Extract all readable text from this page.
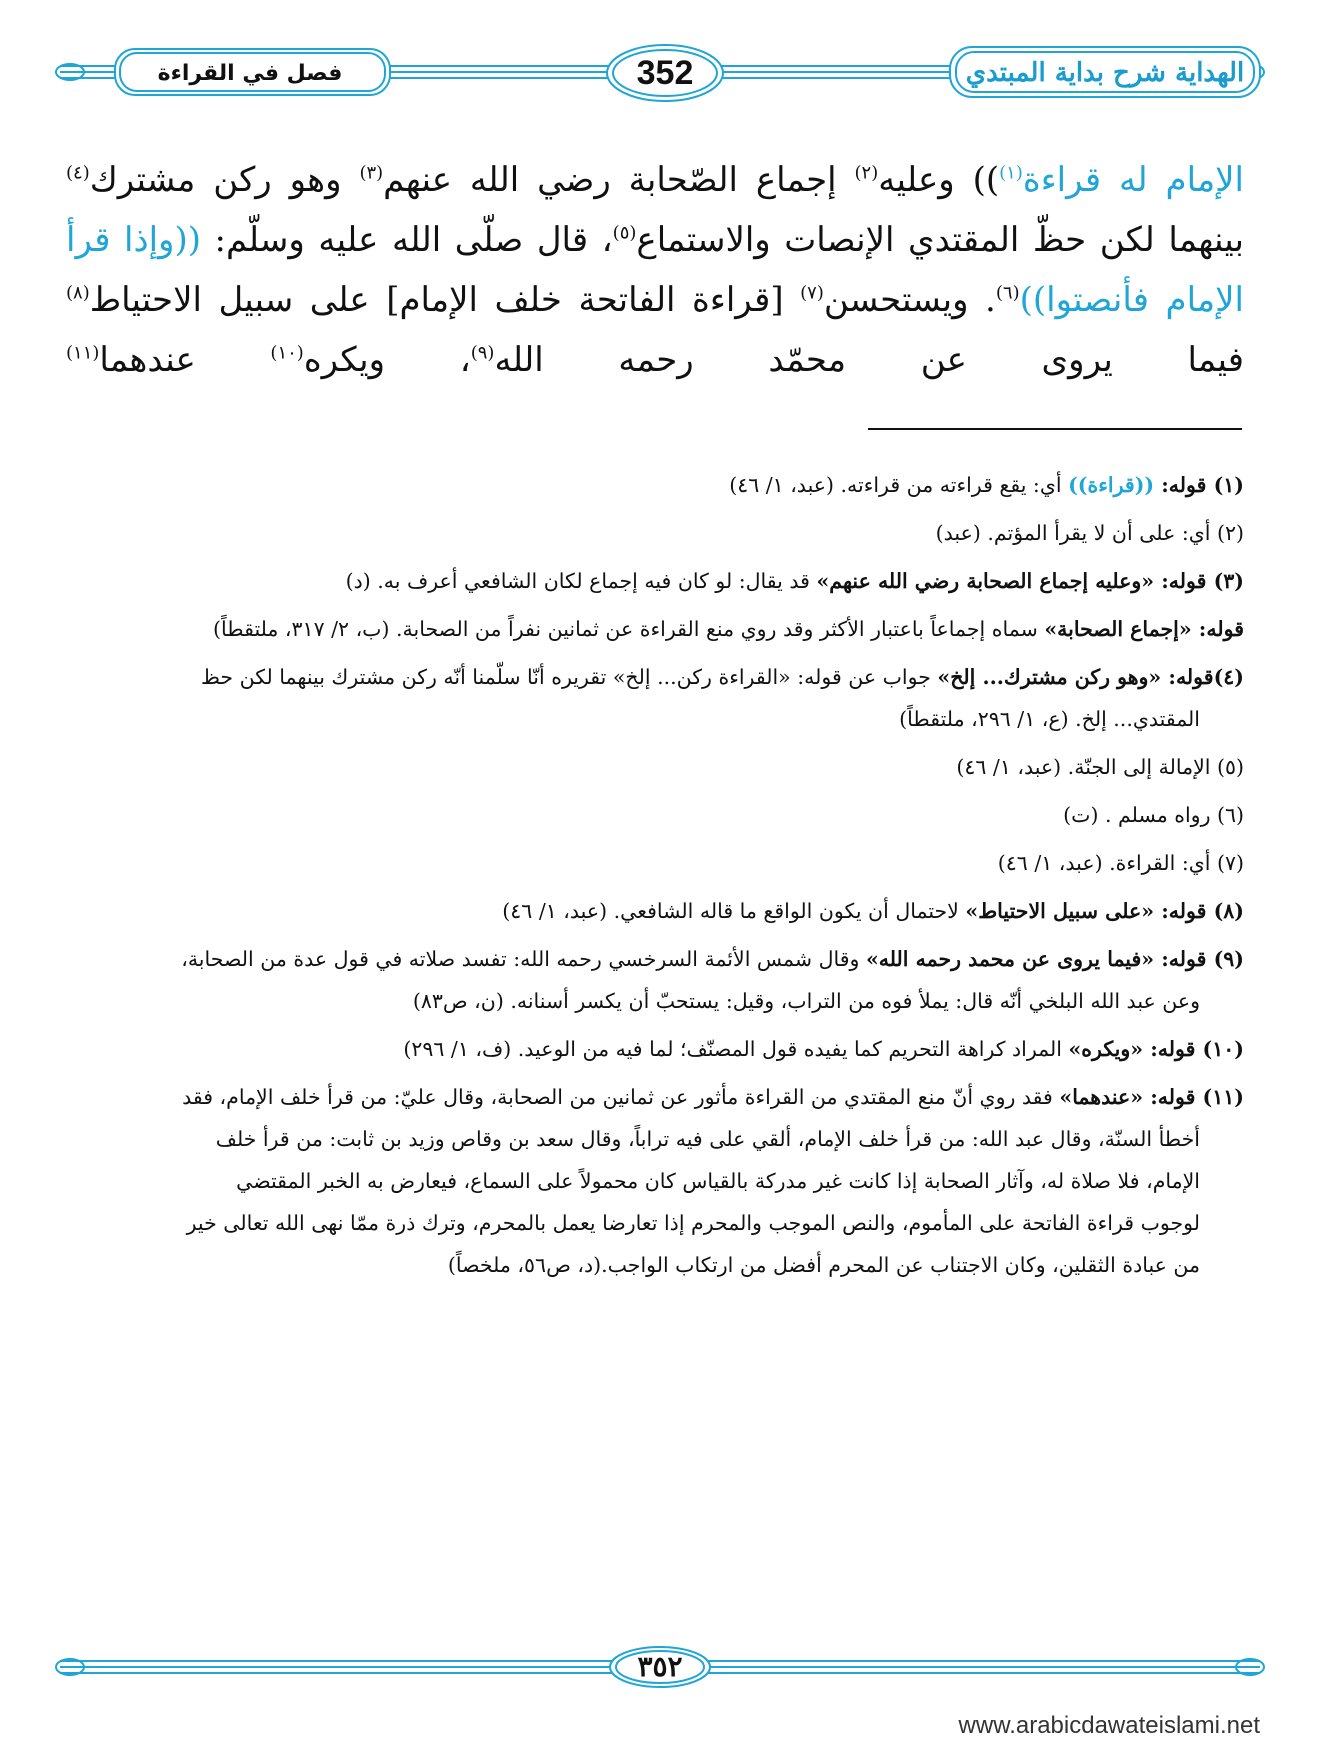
فصل في القراءة	352	الهداية شرح بداية المبتدي

الإمام له قراءة$^{(١)}$)) وعليه$^{(٢)}$ إجماع الصّحابة رضي الله عنهم$^{(٣)}$ وهو ركن مشترك$^{(٤)}$ بينهما لكن حظّ المقتدي الإنصات والاستماع$^{(٥)}$، قال صلّى الله عليه وسلّم: ((وإذا قرأ الإمام فأنصتوا))$^{(٦)}$. ويستحسن$^{(٧)}$ [قراءة الفاتحة خلف الإمام] على سبيل الاحتياط$^{(٨)}$ فيما يروى عن محمّد رحمه الله$^{(٩)}$، ويكره$^{(١٠)}$ عندهما$^{(١١)}$

(١) قوله: ((قراءة)) أي: يقع قراءته من قراءته. (عبد، ١/ ٤٦)

(٢) أي: على أن لا يقرأ المؤتم. (عبد)

(٣) قوله: «وعليه إجماع الصحابة رضي الله عنهم» قد يقال: لو كان فيه إجماع لكان الشافعي أعرف به. (د)

قوله: «إجماع الصحابة» سماه إجماعاً باعتبار الأكثر وقد روي منع القراءة عن ثمانين نفراً من الصحابة. (ب، ٢/ ٣١٧، ملتقطاً)

(٤)قوله: «وهو ركن مشترك... إلخ» جواب عن قوله: «القراءة ركن... إلخ» تقريره أنّا سلّمنا أنّه ركن مشترك بينهما لكن حظ
المقتدي... إلخ. (ع، ١/ ٢٩٦، ملتقطاً)

(٥) الإمالة إلى الجنّة. (عبد، ١/ ٤٦)

(٦) رواه مسلم . (ت)

(٧) أي: القراءة. (عبد، ١/ ٤٦)

(٨) قوله: «على سبيل الاحتياط» لاحتمال أن يكون الواقع ما قاله الشافعي. (عبد، ١/ ٤٦)

(٩) قوله: «فيما يروى عن محمد رحمه الله» وقال شمس الأئمة السرخسي رحمه الله: تفسد صلاته في قول عدة من الصحابة،
وعن عبد الله البلخي أنّه قال: يملأ فوه من التراب، وقيل: يستحبّ أن يكسر أسنانه. (ن، ص٨٣)

(١٠) قوله: «ويكره» المراد كراهة التحريم كما يفيده قول المصنّف؛ لما فيه من الوعيد. (ف، ١/ ٢٩٦)

(١١) قوله: «عندهما» فقد روي أنّ منع المقتدي من القراءة مأثور عن ثمانين من الصحابة، وقال عليّ: من قرأ خلف الإمام، فقد
أخطأ السنّة، وقال عبد الله: من قرأ خلف الإمام، ألقي على فيه تراباً، وقال سعد بن وقاص وزيد بن ثابت: من قرأ خلف
الإمام، فلا صلاة له، وآثار الصحابة إذا كانت غير مدركة بالقياس كان محمولاً على السماع، فيعارض به الخبر المقتضي
لوجوب قراءة الفاتحة على المأموم، والنص الموجب والمحرم إذا تعارضا يعمل بالمحرم، وترك ذرة ممّا نهى الله تعالى خير
من عبادة الثقلين، وكان الاجتناب عن المحرم أفضل من ارتكاب الواجب.(د، ص٥٦، ملخصاً)

٣٥٢
www.arabicdawateislami.net
